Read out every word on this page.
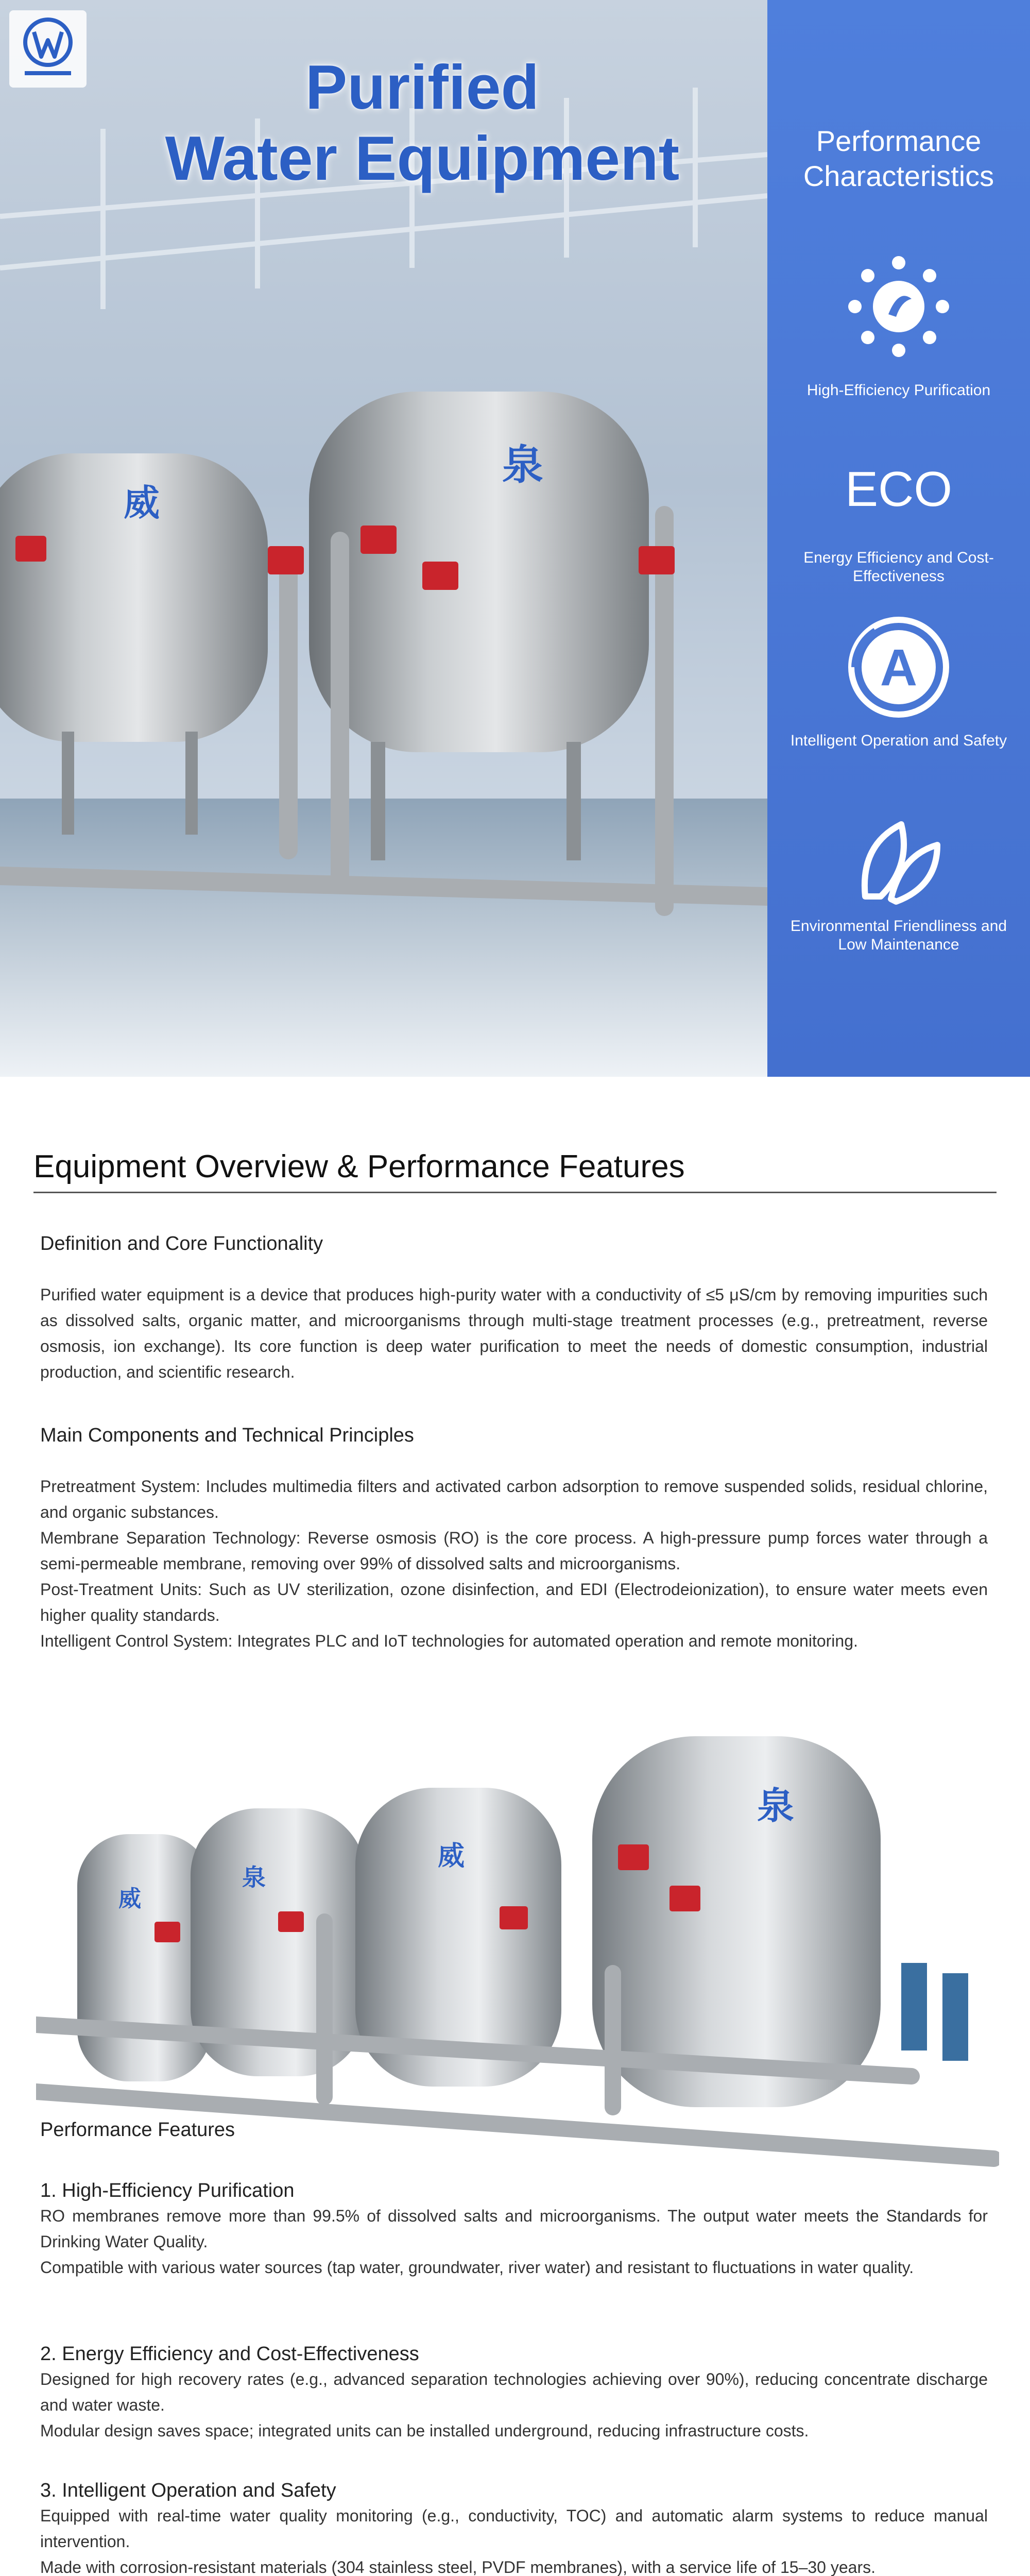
威
泉
Purified
Water Equipment	Performance Characteristics
High-Efficiency Purification
ECO
Energy Efficiency and Cost-Effectiveness
A
Intelligent Operation and Safety
Environmental Friendliness and Low Maintenance
Equipment Overview & Performance Features
Definition and Core Functionality
Purified water equipment is a device that produces high-purity water with a conductivity of ≤5 μS/cm by removing impurities such as dissolved salts, organic matter, and microorganisms through multi-stage treatment processes (e.g., pretreatment, reverse osmosis, ion exchange). Its core function is deep water purification to meet the needs of domestic consumption, industrial production, and scientific research.
Main Components and Technical Principles
Pretreatment System: Includes multimedia filters and activated carbon adsorption to remove suspended solids, residual chlorine, and organic substances.
Membrane Separation Technology: Reverse osmosis (RO) is the core process. A high-pressure pump forces water through a semi-permeable membrane, removing over 99% of dissolved salts and microorganisms.
Post-Treatment Units: Such as UV sterilization, ozone disinfection, and EDI (Electrodeionization), to ensure water meets even higher quality standards.
Intelligent Control System: Integrates PLC and IoT technologies for automated operation and remote monitoring.
威
泉
威
泉
Performance Features
1. High-Efficiency Purification
RO membranes remove more than 99.5% of dissolved salts and microorganisms. The output water meets the Standards for Drinking Water Quality.
Compatible with various water sources (tap water, groundwater, river water) and resistant to fluctuations in water quality.
2. Energy Efficiency and Cost-Effectiveness
Designed for high recovery rates (e.g., advanced separation technologies achieving over 90%), reducing concentrate discharge and water waste.
Modular design saves space; integrated units can be installed underground, reducing infrastructure costs.
3. Intelligent Operation and Safety
Equipped with real-time water quality monitoring (e.g., conductivity, TOC) and automatic alarm systems to reduce manual intervention.
Made with corrosion-resistant materials (304 stainless steel, PVDF membranes), with a service life of 15–30 years.
